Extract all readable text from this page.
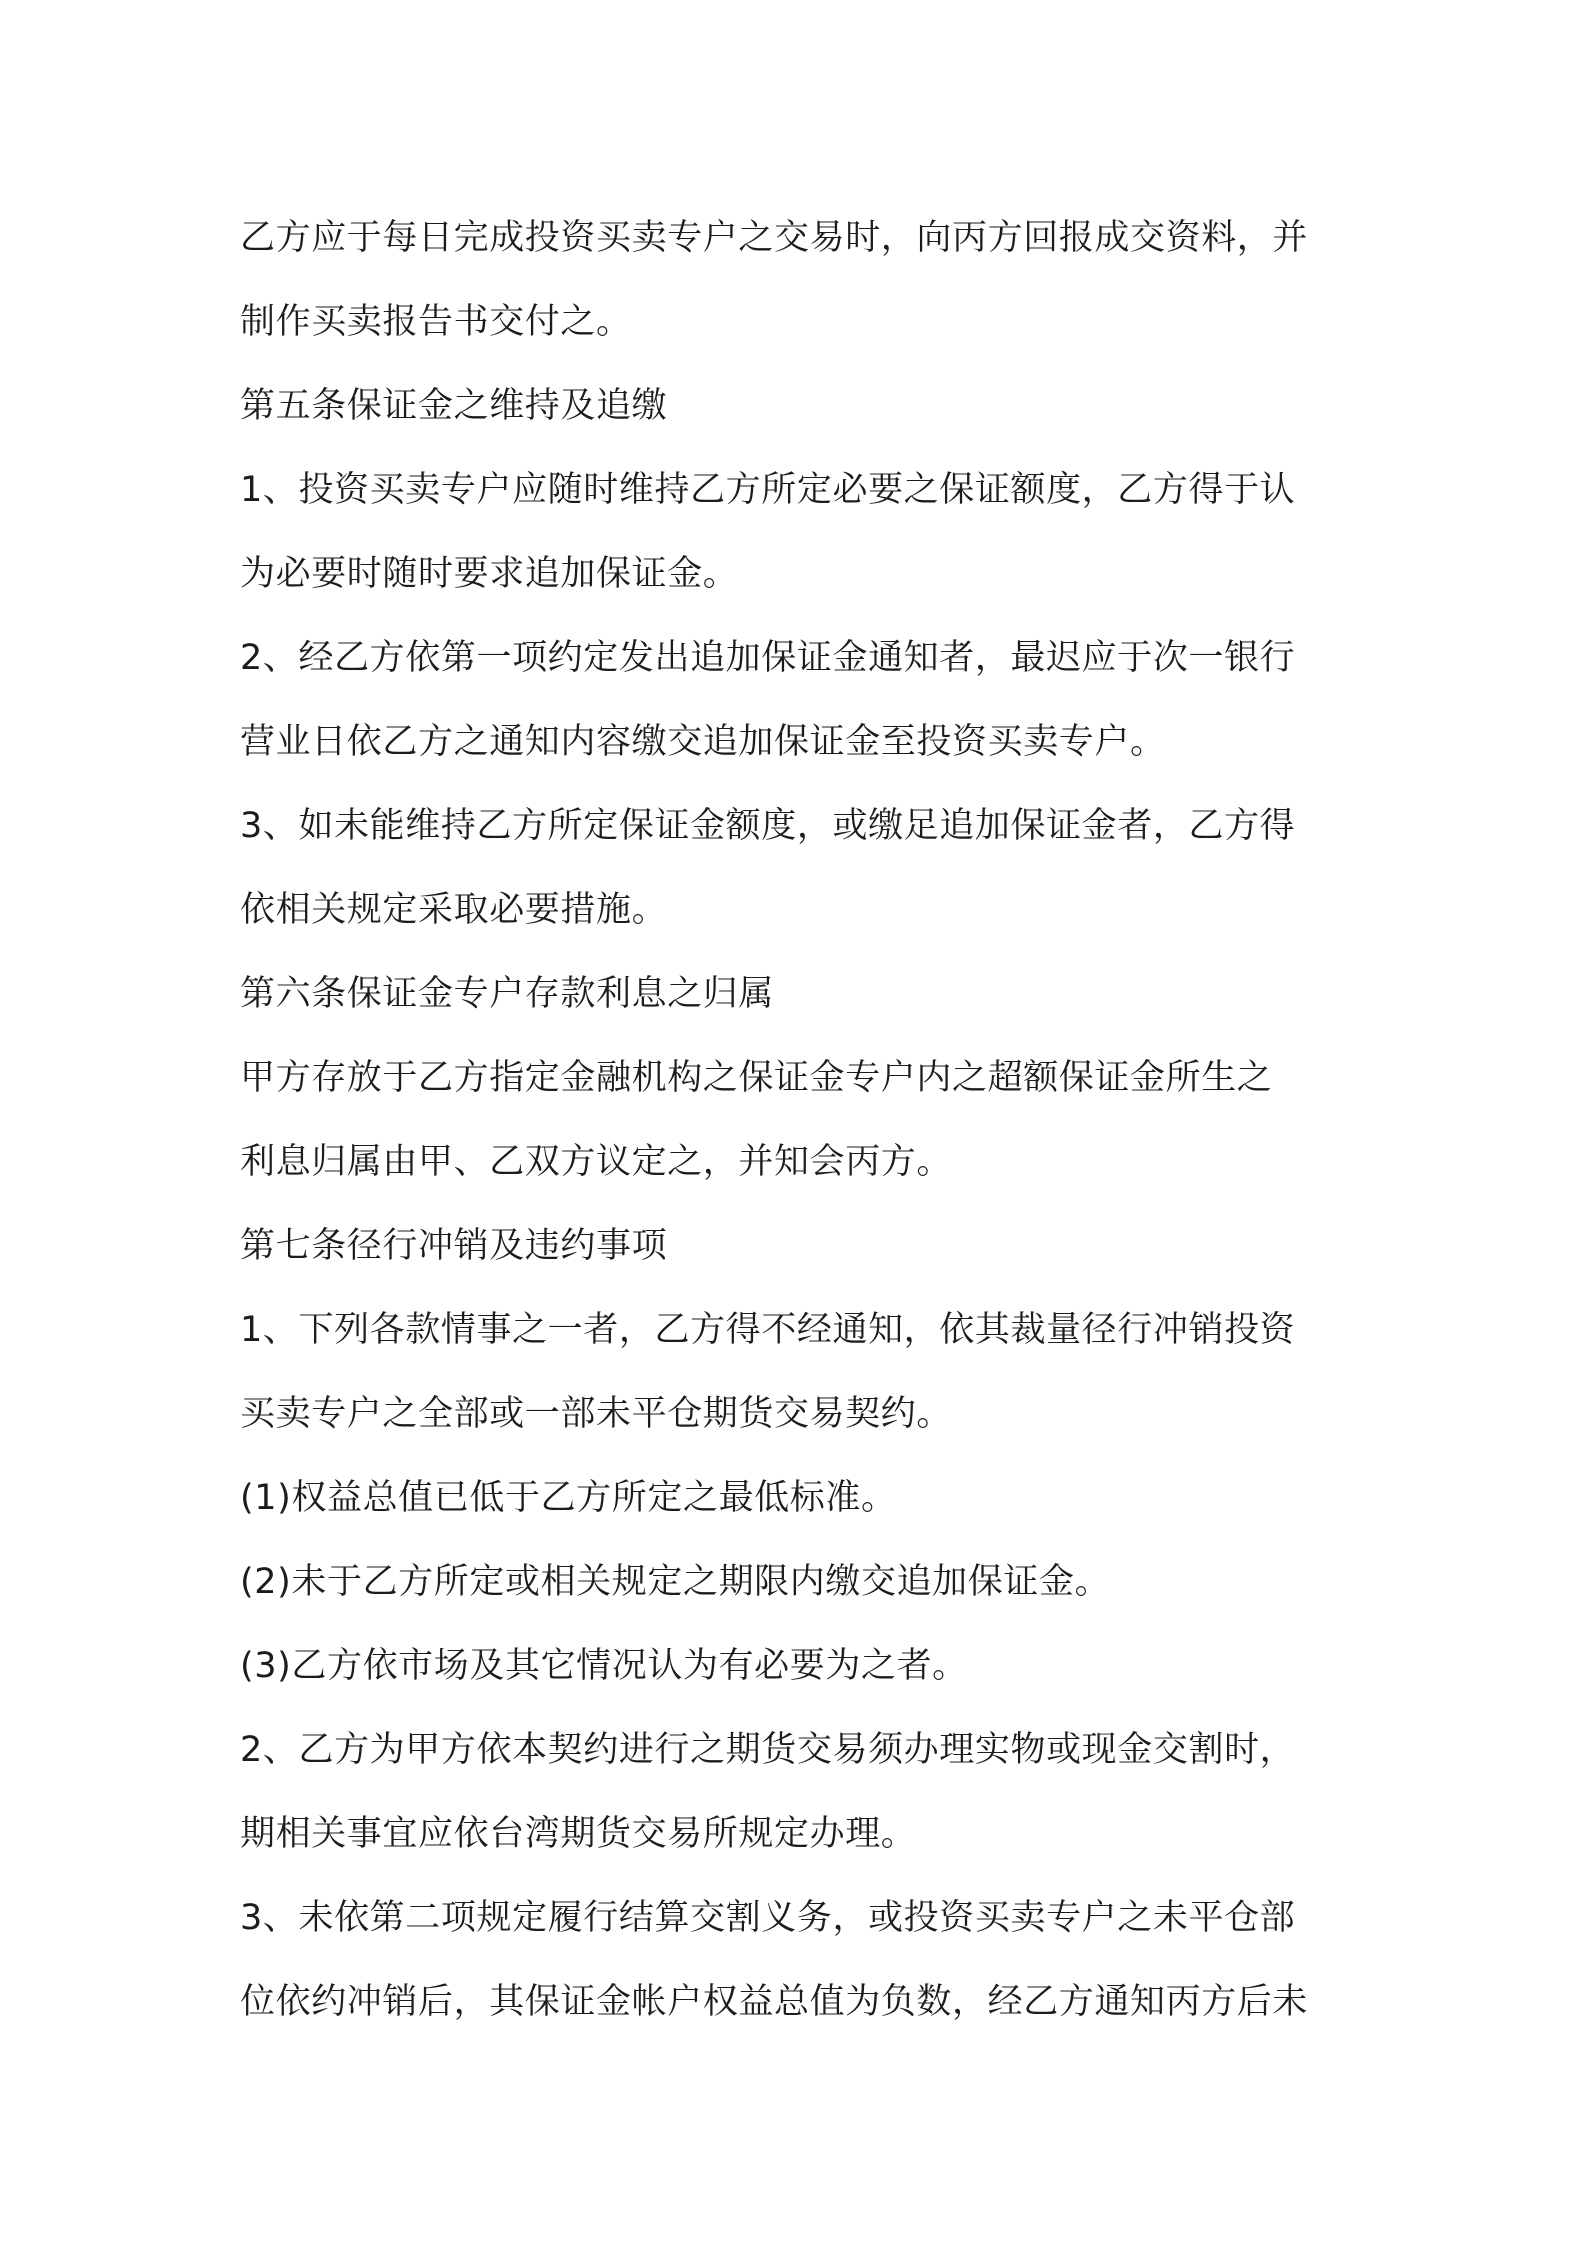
乙方应于每日完成投资买卖专户之交易时，向丙方回报成交资料，并
制作买卖报告书交付之。
第五条保证金之维持及追缴
1、投资买卖专户应随时维持乙方所定必要之保证额度，乙方得于认
为必要时随时要求追加保证金。
2、经乙方依第一项约定发出追加保证金通知者，最迟应于次一银行
营业日依乙方之通知内容缴交追加保证金至投资买卖专户。
3、如未能维持乙方所定保证金额度，或缴足追加保证金者，乙方得
依相关规定采取必要措施。
第六条保证金专户存款利息之归属
甲方存放于乙方指定金融机构之保证金专户内之超额保证金所生之
利息归属由甲、乙双方议定之，并知会丙方。
第七条径行冲销及违约事项
1、下列各款情事之一者，乙方得不经通知，依其裁量径行冲销投资
买卖专户之全部或一部未平仓期货交易契约。
(1)权益总值已低于乙方所定之最低标准。
(2)未于乙方所定或相关规定之期限内缴交追加保证金。
(3)乙方依市场及其它情况认为有必要为之者。
2、乙方为甲方依本契约进行之期货交易须办理实物或现金交割时，
期相关事宜应依台湾期货交易所规定办理。
3、未依第二项规定履行结算交割义务，或投资买卖专户之未平仓部
位依约冲销后，其保证金帐户权益总值为负数，经乙方通知丙方后未
